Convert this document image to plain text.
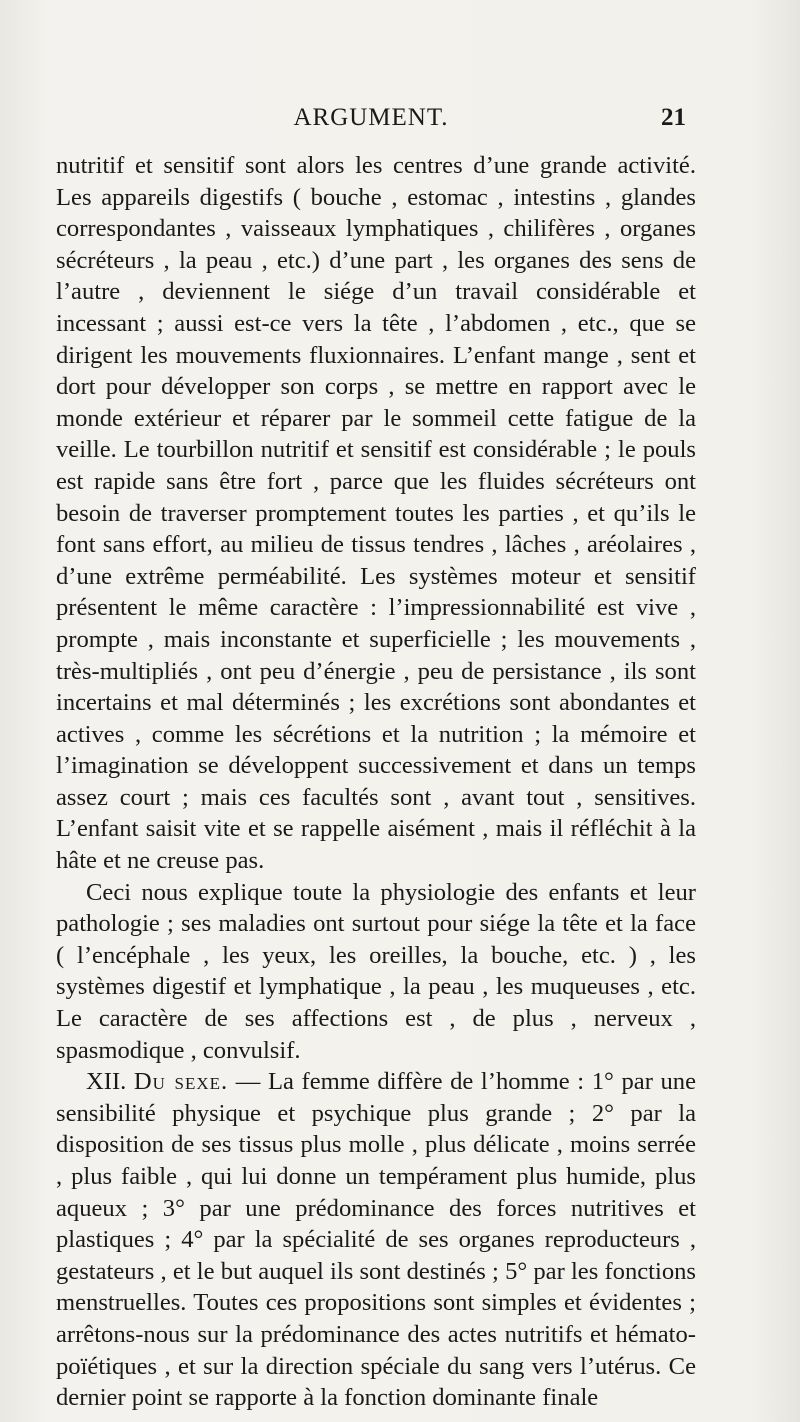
ARGUMENT.	21

nutritif et sensitif sont alors les centres d’une grande activité. Les appareils digestifs ( bouche , estomac , intestins , glandes correspondantes , vaisseaux lymphatiques , chilifères , organes sécréteurs , la peau , etc.) d’une part , les organes des sens de l’autre , deviennent le siége d’un travail considérable et incessant ; aussi est-ce vers la tête , l’abdomen , etc., que se dirigent les mouvements fluxionnaires. L’enfant mange , sent et dort pour développer son corps , se mettre en rapport avec le monde extérieur et réparer par le sommeil cette fatigue de la veille. Le tourbillon nutritif et sensitif est considérable ; le pouls est rapide sans être fort , parce que les fluides sécréteurs ont besoin de traverser promptement toutes les parties , et qu’ils le font sans effort, au milieu de tissus tendres , lâches , aréolaires , d’une extrême perméabilité. Les systèmes moteur et sensitif présentent le même caractère : l’impressionnabilité est vive , prompte , mais inconstante et superficielle ; les mouvements , très-multipliés , ont peu d’énergie , peu de persistance , ils sont incertains et mal déterminés ; les excrétions sont abondantes et actives , comme les sécrétions et la nutrition ; la mémoire et l’imagination se développent successivement et dans un temps assez court ; mais ces facultés sont , avant tout , sensitives. L’enfant saisit vite et se rappelle aisément , mais il réfléchit à la hâte et ne creuse pas.

Ceci nous explique toute la physiologie des enfants et leur pathologie ; ses maladies ont surtout pour siége la tête et la face ( l’encéphale , les yeux, les oreilles, la bouche, etc. ) , les systèmes digestif et lymphatique , la peau , les muqueuses , etc. Le caractère de ses affections est , de plus , nerveux , spasmodique , convulsif.

XII. Du sexe. — La femme diffère de l’homme : 1° par une sensibilité physique et psychique plus grande ; 2° par la disposition de ses tissus plus molle , plus délicate , moins serrée , plus faible , qui lui donne un tempérament plus humide, plus aqueux ; 3° par une prédominance des forces nutritives et plastiques ; 4° par la spécialité de ses organes reproducteurs , gestateurs , et le but auquel ils sont destinés ; 5° par les fonctions menstruelles. Toutes ces propositions sont simples et évidentes ; arrêtons-nous sur la prédominance des actes nutritifs et hémato-poïétiques , et sur la direction spéciale du sang vers l’utérus. Ce dernier point se rapporte à la fonction dominante finale
